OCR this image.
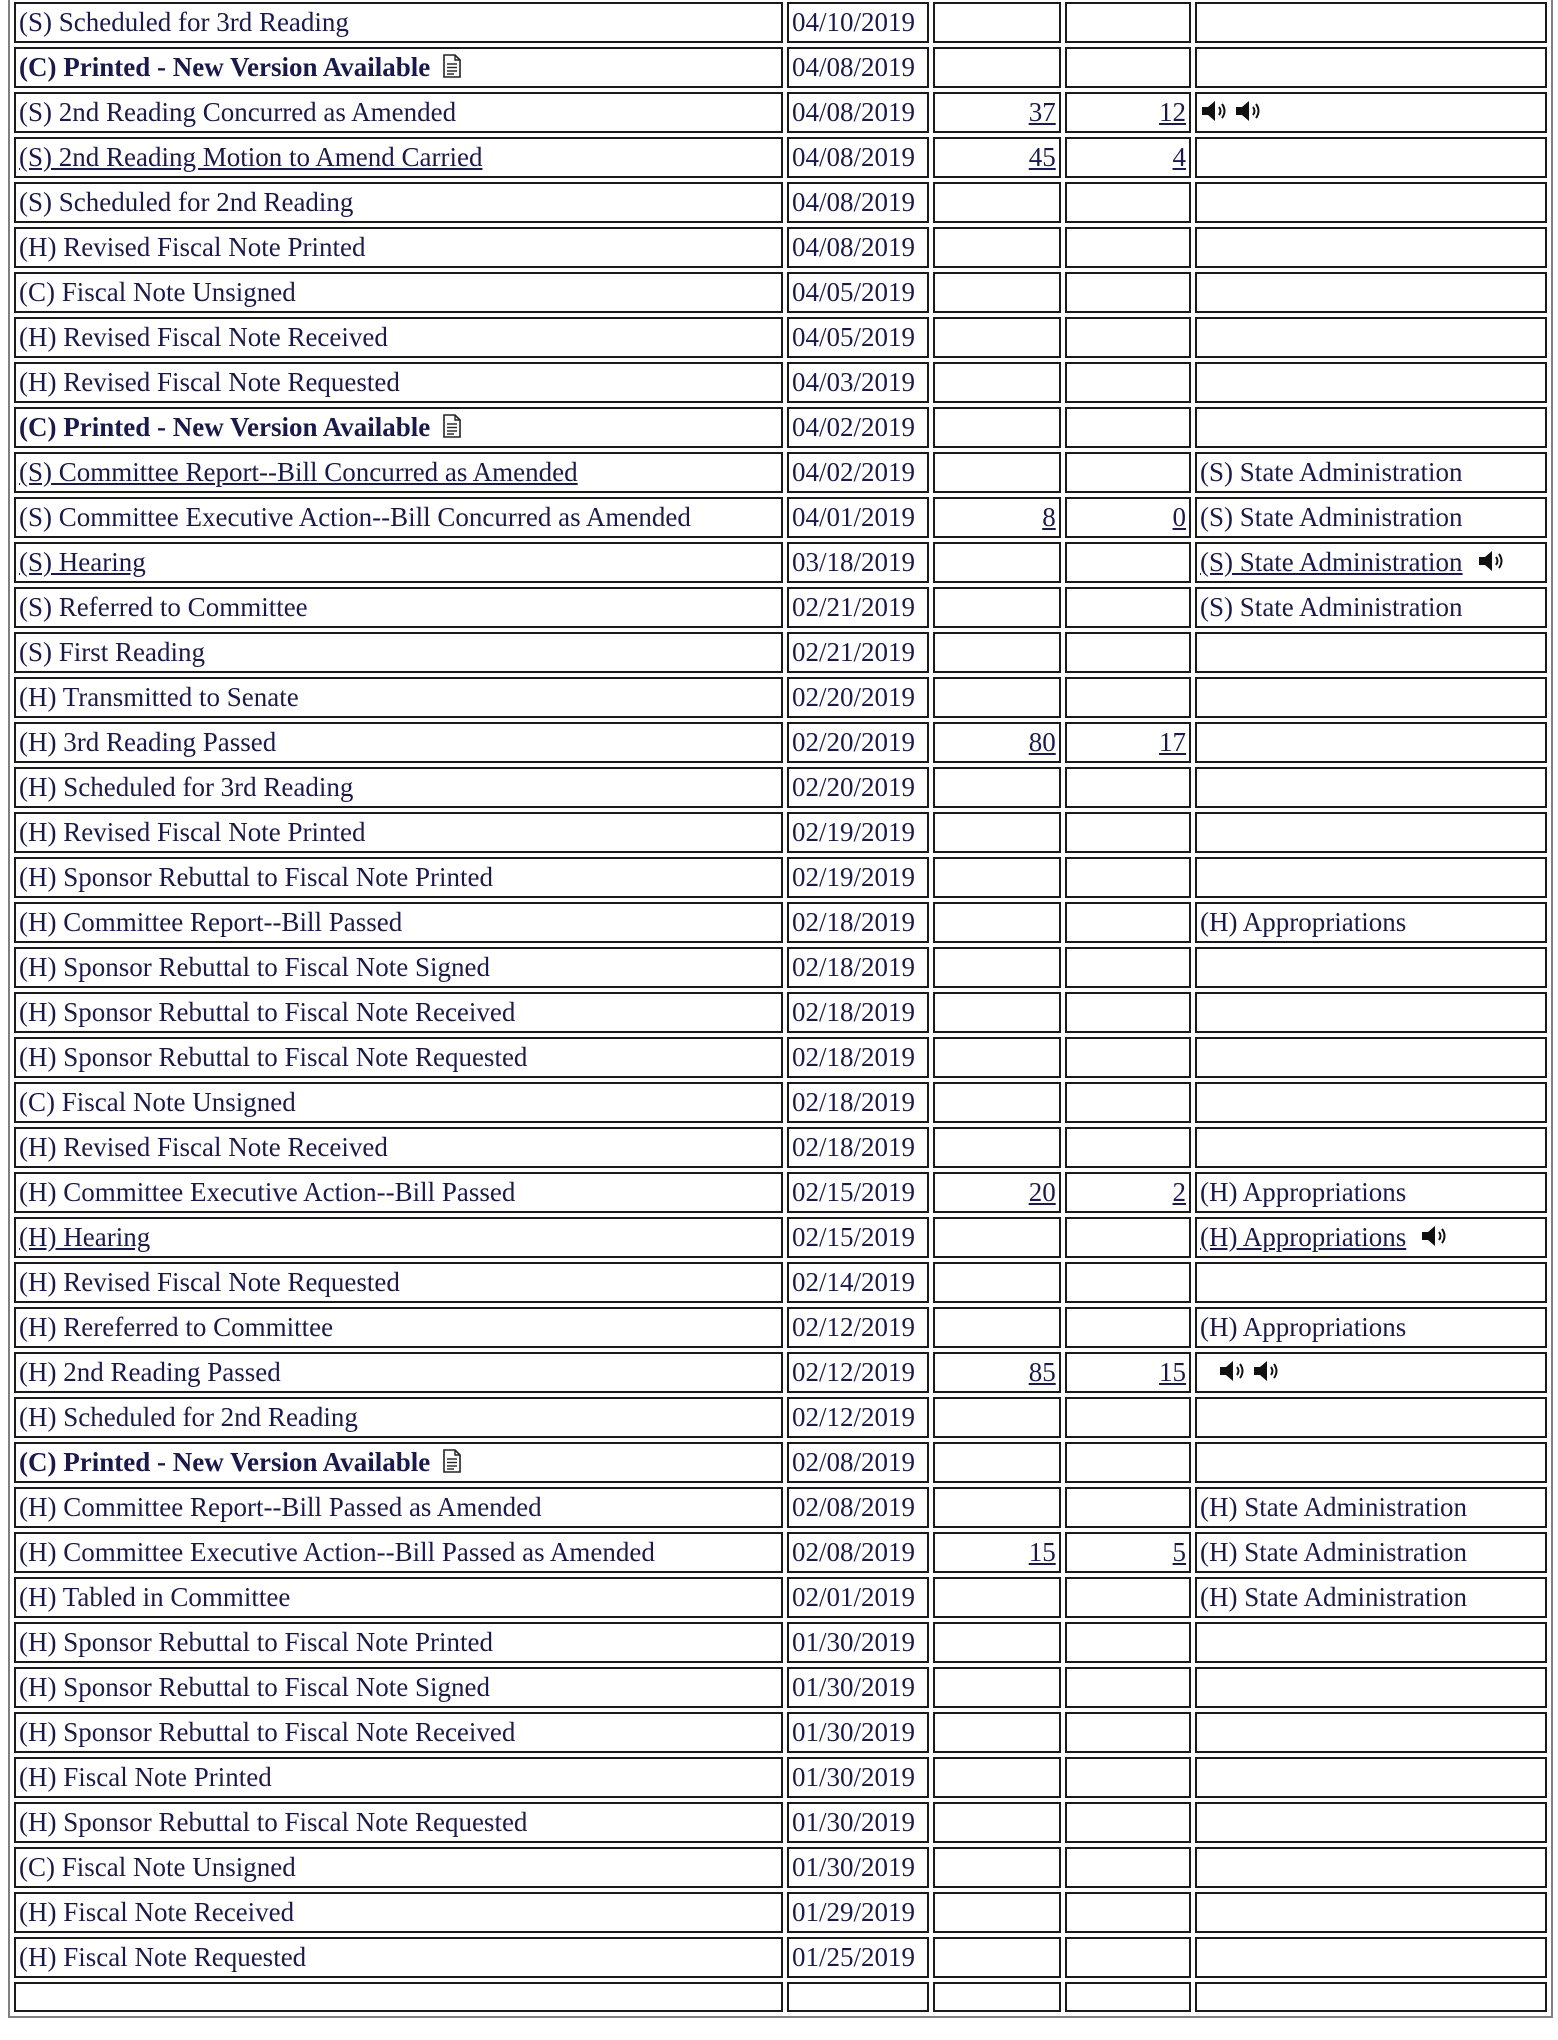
(S) Scheduled for 3rd Reading	04/10/2019			
(C) Printed - New Version Available	04/08/2019			
(S) 2nd Reading Concurred as Amended	04/08/2019	37	12	
(S) 2nd Reading Motion to Amend Carried	04/08/2019	45	4	
(S) Scheduled for 2nd Reading	04/08/2019			
(H) Revised Fiscal Note Printed	04/08/2019			
(C) Fiscal Note Unsigned	04/05/2019			
(H) Revised Fiscal Note Received	04/05/2019			
(H) Revised Fiscal Note Requested	04/03/2019			
(C) Printed - New Version Available	04/02/2019			
(S) Committee Report--Bill Concurred as Amended	04/02/2019			(S) State Administration
(S) Committee Executive Action--Bill Concurred as Amended	04/01/2019	8	0	(S) State Administration
(S) Hearing	03/18/2019			(S) State Administration
(S) Referred to Committee	02/21/2019			(S) State Administration
(S) First Reading	02/21/2019			
(H) Transmitted to Senate	02/20/2019			
(H) 3rd Reading Passed	02/20/2019	80	17	
(H) Scheduled for 3rd Reading	02/20/2019			
(H) Revised Fiscal Note Printed	02/19/2019			
(H) Sponsor Rebuttal to Fiscal Note Printed	02/19/2019			
(H) Committee Report--Bill Passed	02/18/2019			(H) Appropriations
(H) Sponsor Rebuttal to Fiscal Note Signed	02/18/2019			
(H) Sponsor Rebuttal to Fiscal Note Received	02/18/2019			
(H) Sponsor Rebuttal to Fiscal Note Requested	02/18/2019			
(C) Fiscal Note Unsigned	02/18/2019			
(H) Revised Fiscal Note Received	02/18/2019			
(H) Committee Executive Action--Bill Passed	02/15/2019	20	2	(H) Appropriations
(H) Hearing	02/15/2019			(H) Appropriations
(H) Revised Fiscal Note Requested	02/14/2019			
(H) Rereferred to Committee	02/12/2019			(H) Appropriations
(H) 2nd Reading Passed	02/12/2019	85	15	
(H) Scheduled for 2nd Reading	02/12/2019			
(C) Printed - New Version Available	02/08/2019			
(H) Committee Report--Bill Passed as Amended	02/08/2019			(H) State Administration
(H) Committee Executive Action--Bill Passed as Amended	02/08/2019	15	5	(H) State Administration
(H) Tabled in Committee	02/01/2019			(H) State Administration
(H) Sponsor Rebuttal to Fiscal Note Printed	01/30/2019			
(H) Sponsor Rebuttal to Fiscal Note Signed	01/30/2019			
(H) Sponsor Rebuttal to Fiscal Note Received	01/30/2019			
(H) Fiscal Note Printed	01/30/2019			
(H) Sponsor Rebuttal to Fiscal Note Requested	01/30/2019			
(C) Fiscal Note Unsigned	01/30/2019			
(H) Fiscal Note Received	01/29/2019			
(H) Fiscal Note Requested	01/25/2019			
